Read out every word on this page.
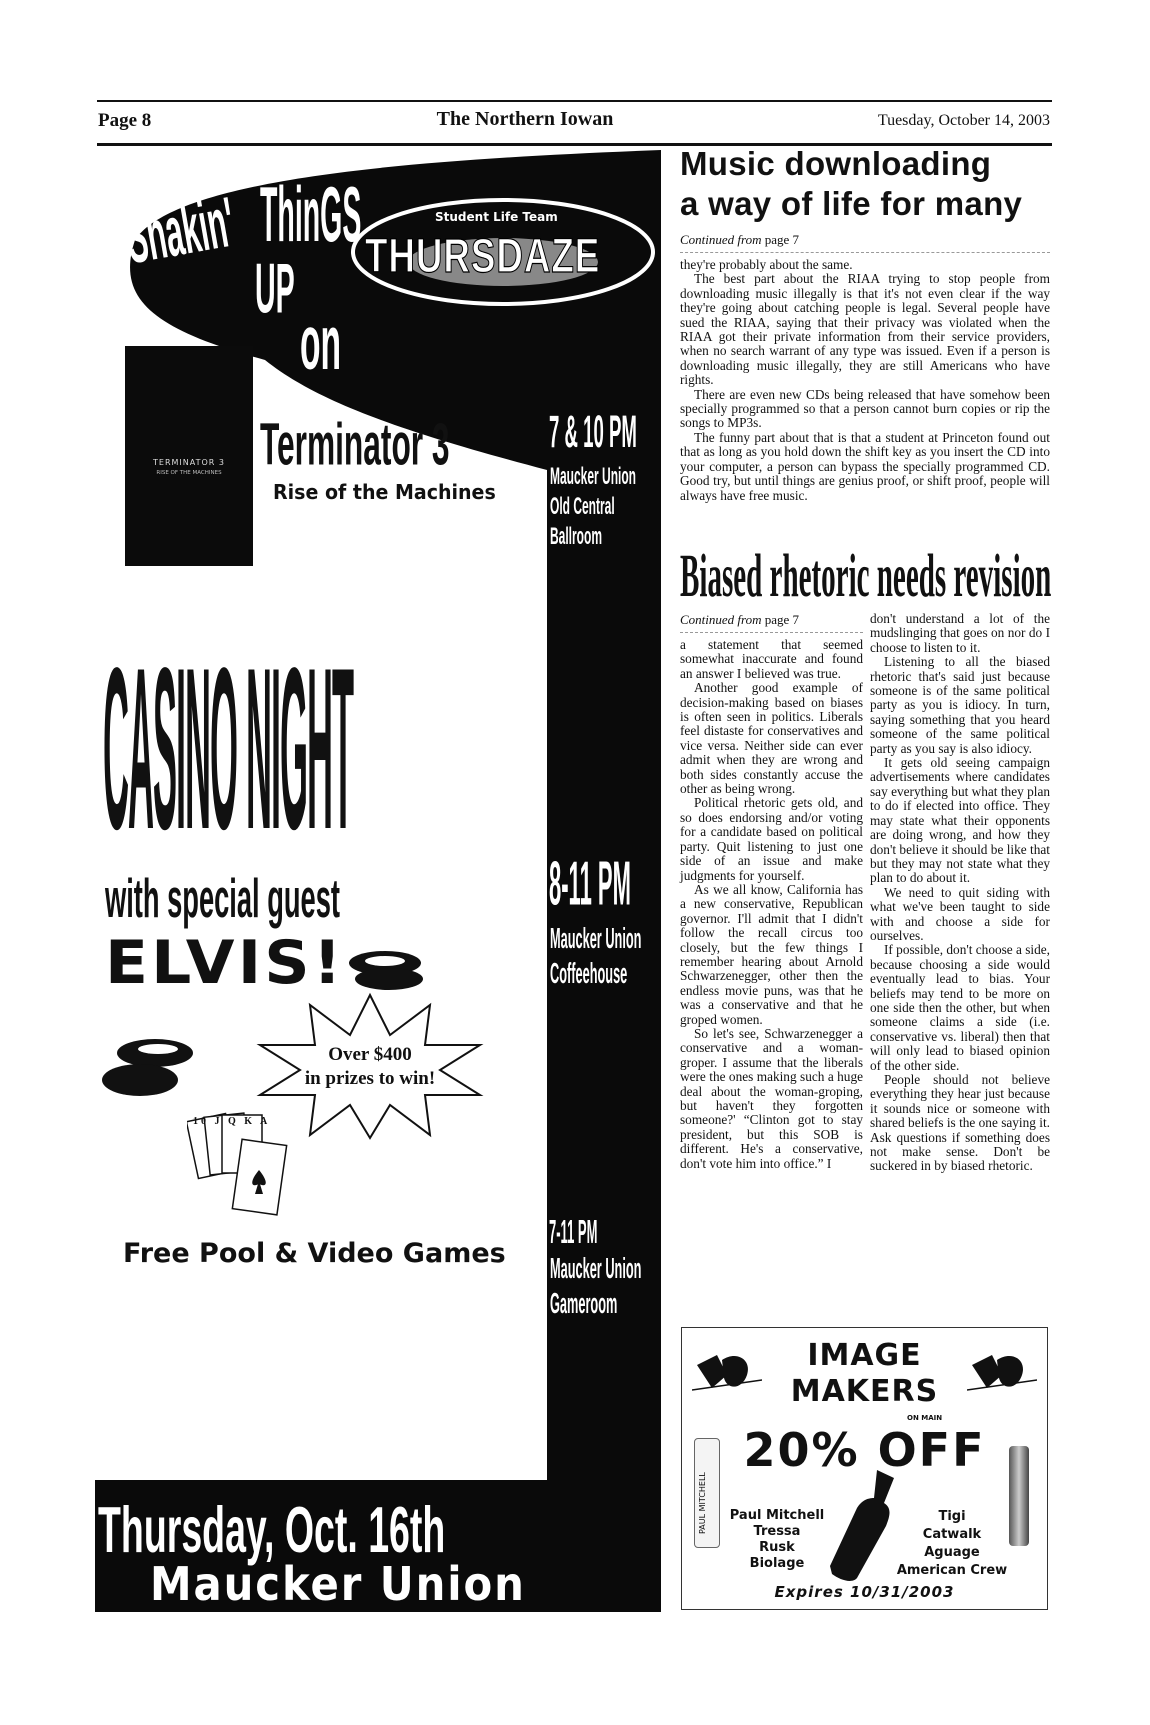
Page 8	The Northern Iowan	Tuesday, October 14, 2003
Shakin' ThinGS
UP
on
Student Life Team
THURSDAZE
TERMINATOR 3
RISE OF THE MACHINES Terminator 3
Rise of the Machines
7 & 10 PM
Maucker Union
Old Central
Ballroom
CASINO NIGHT
with special guest
ELVIS!
Over $400
in prizes to win!
10 J Q K A
8-11 PM
Maucker Union
Coffeehouse
Free Pool & Video Games
7-11 PM
Maucker Union
Gameroom
Thursday, Oct. 16th
Maucker Union
Music downloading
a way of life for many
Continued from page 7

they're probably about the same.

The best part about the RIAA trying to stop people from downloading music illegally is that it's not even clear if the way they're going about catching people is legal. Several people have sued the RIAA, saying that their privacy was violated when the RIAA got their private information from their service providers, when no search warrant of any type was issued. Even if a person is downloading music illegally, they are still Americans who have rights.

There are even new CDs being released that have somehow been specially programmed so that a person cannot burn copies or rip the songs to MP3s.

The funny part about that is that a student at Princeton found out that as long as you hold down the shift key as you insert the CD into your computer, a person can bypass the specially programmed CD. Good try, but until things are genius proof, or shift proof, people will always have free music.

Biased rhetoric needs revision
Continued from page 7

a statement that seemed somewhat inaccurate and found an answer I believed was true.

Another good example of decision-making based on biases is often seen in politics. Liberals feel distaste for conservatives and vice versa. Neither side can ever admit when they are wrong and both sides constantly accuse the other as being wrong.

Political rhetoric gets old, and so does endorsing and/or voting for a candidate based on political party. Quit listening to just one side of an issue and make judgments for yourself.

As we all know, California has a new conservative, Republican governor. I'll admit that I didn't follow the recall circus too closely, but the few things I remember hearing about Arnold Schwarzenegger, other then the endless movie puns, was that he was a conservative and that he groped women.

So let's see, Schwarzenegger a conservative and a woman-groper. I assume that the liberals were the ones making such a huge deal about the woman-groping, but haven't they forgotten someone?' “Clinton got to stay president, but this SOB is different. He's a conservative, don't vote him into office.” I

don't understand a lot of the mudslinging that goes on nor do I choose to listen to it.

Listening to all the biased rhetoric that's said just because someone is of the same political party as you is idiocy. In turn, saying something that you heard someone of the same political party as you say is also idiocy.

It gets old seeing campaign advertisements where candidates say everything but what they plan to do if elected into office. They may state what their opponents are doing wrong, and how they don't believe it should be like that but they may not state what they plan to do about it.

We need to quit siding with what we've been taught to side with and choose a side for ourselves.

If possible, don't choose a side, because choosing a side would eventually lead to bias. Your beliefs may tend to be more on one side then the other, but when someone claims a side (i.e. conservative vs. liberal) then that will only lead to biased opinion of the other side.

People should not believe everything they hear just because it sounds nice or someone with shared beliefs is the one saying it. Ask questions if something does not make sense. Don't be suckered in by biased rhetoric.

IMAGE
MAKERS
ON MAIN
20% OFF
PAUL MITCHELL	Paul Mitchell
Tressa
Rusk
Biolage
Tigi
Catwalk
Aguage
American Crew
Expires 10/31/2003
